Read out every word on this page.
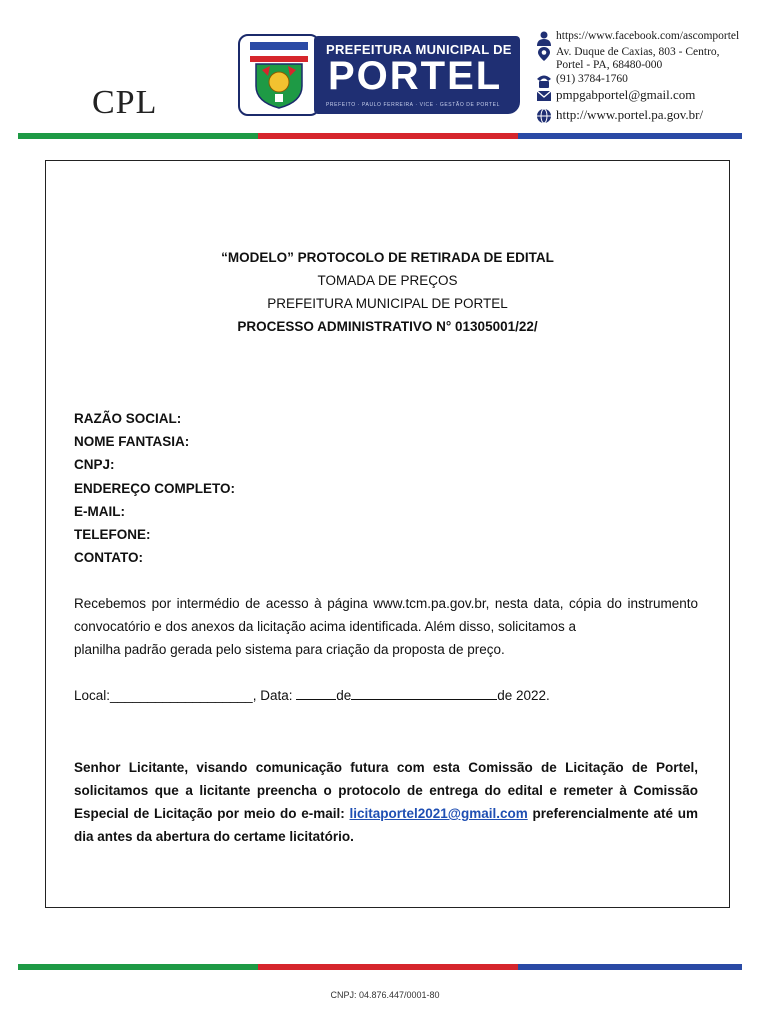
CPL
PREFEITURA MUNICIPAL DE
PORTEL
PREFEITO · PAULO FERREIRA · VICE · GESTÃO DE PORTEL
https://www.facebook.com/ascomportel
Av. Duque de Caxias, 803 - Centro,
Portel - PA, 68480-000
(91) 3784-1760
pmpgabportel@gmail.com
http://www.portel.pa.gov.br/
“MODELO” PROTOCOLO DE RETIRADA DE EDITAL
TOMADA DE PREÇOS
PREFEITURA MUNICIPAL DE PORTEL
PROCESSO ADMINISTRATIVO N° 01305001/22/
RAZÃO SOCIAL:
NOME FANTASIA:
CNPJ:
ENDEREÇO COMPLETO:
E-MAIL:
TELEFONE:
CONTATO:
Recebemos por intermédio de acesso à página www.tcm.pa.gov.br, nesta data, cópia do instrumento convocatório e dos anexos da licitação acima identificada. Além disso, solicitamos a
planilha padrão gerada pelo sistema para criação da proposta de preço.
Local:___________________, Data:	de	de 2022.
Senhor Licitante, visando comunicação futura com esta Comissão de Licitação de Portel, solicitamos que a licitante preencha o protocolo de entrega do edital e remeter à Comissão Especial de Licitação por meio do e-mail: licitaportel2021@gmail.com preferencialmente até um dia antes da abertura do certame licitatório.
CNPJ: 04.876.447/0001-80
